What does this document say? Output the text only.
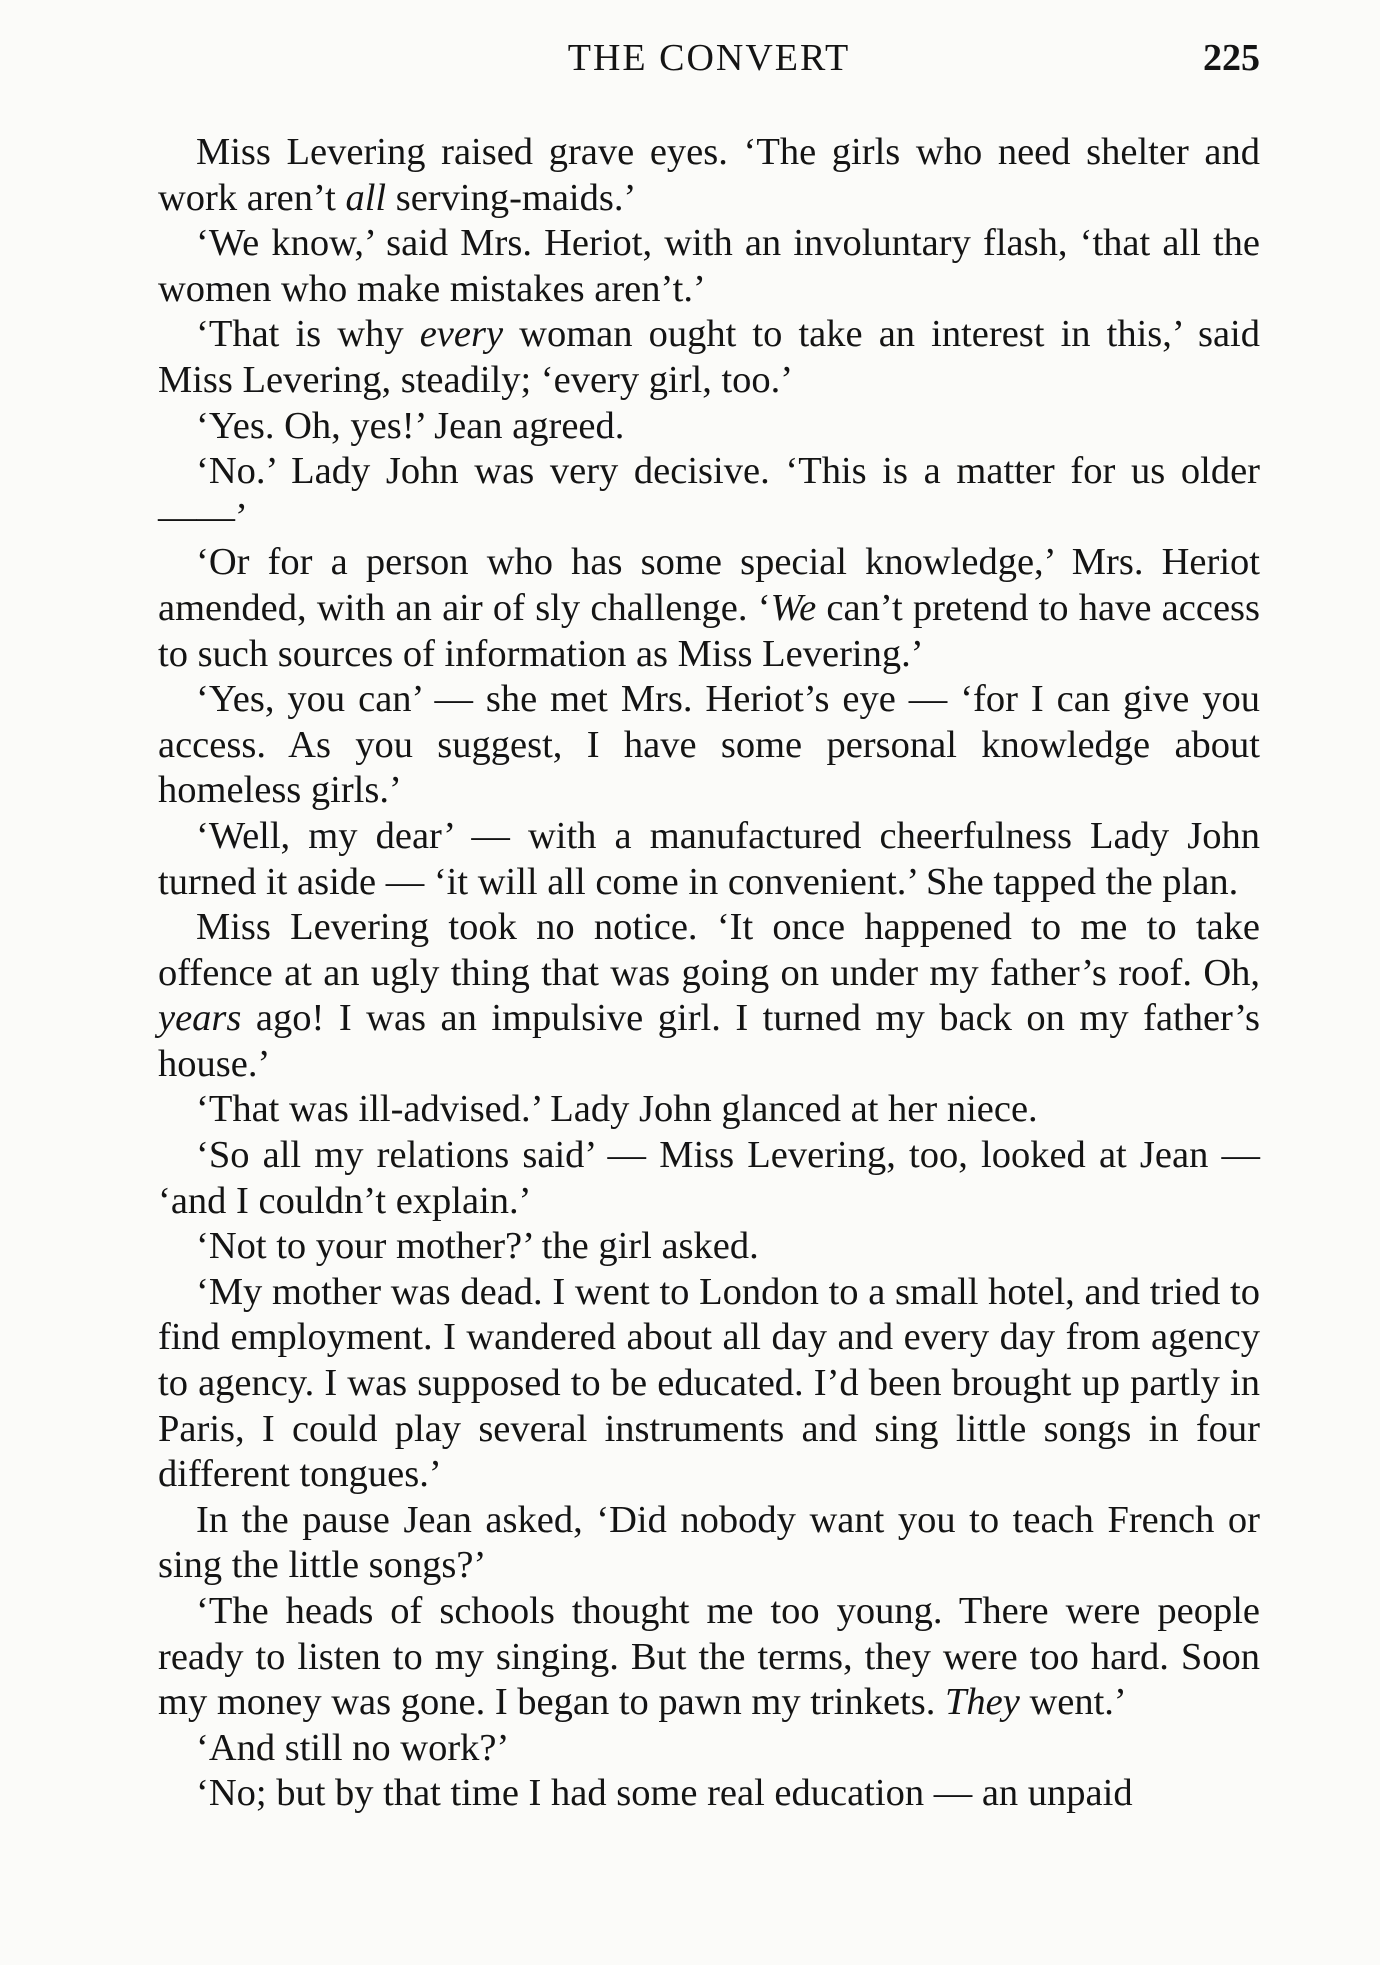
THE CONVERT	225

Miss Levering raised grave eyes. ‘The girls who need shelter and work aren’t all serving-maids.’

‘We know,’ said Mrs. Heriot, with an involuntary flash, ‘that all the women who make mistakes aren’t.’

‘That is why every woman ought to take an interest in this,’ said Miss Levering, steadily; ‘every girl, too.’

‘Yes. Oh, yes!’ Jean agreed.

‘No.’ Lady John was very decisive. ‘This is a matter for us older ——’

‘Or for a person who has some special knowledge,’ Mrs. Heriot amended, with an air of sly challenge. ‘We can’t pretend to have access to such sources of information as Miss Levering.’

‘Yes, you can’ — she met Mrs. Heriot’s eye — ‘for I can give you access. As you suggest, I have some personal knowledge about homeless girls.’

‘Well, my dear’ — with a manufactured cheerfulness Lady John turned it aside — ‘it will all come in convenient.’ She tapped the plan.

Miss Levering took no notice. ‘It once happened to me to take offence at an ugly thing that was going on under my father’s roof. Oh, years ago! I was an impulsive girl. I turned my back on my father’s house.’

‘That was ill-advised.’ Lady John glanced at her niece.

‘So all my relations said’ — Miss Levering, too, looked at Jean — ‘and I couldn’t explain.’

‘Not to your mother?’ the girl asked.

‘My mother was dead. I went to London to a small hotel, and tried to find employment. I wandered about all day and every day from agency to agency. I was supposed to be educated. I’d been brought up partly in Paris, I could play several instruments and sing little songs in four different tongues.’

In the pause Jean asked, ‘Did nobody want you to teach French or sing the little songs?’

‘The heads of schools thought me too young. There were people ready to listen to my singing. But the terms, they were too hard. Soon my money was gone. I began to pawn my trinkets. They went.’

‘And still no work?’

‘No; but by that time I had some real education — an unpaid
